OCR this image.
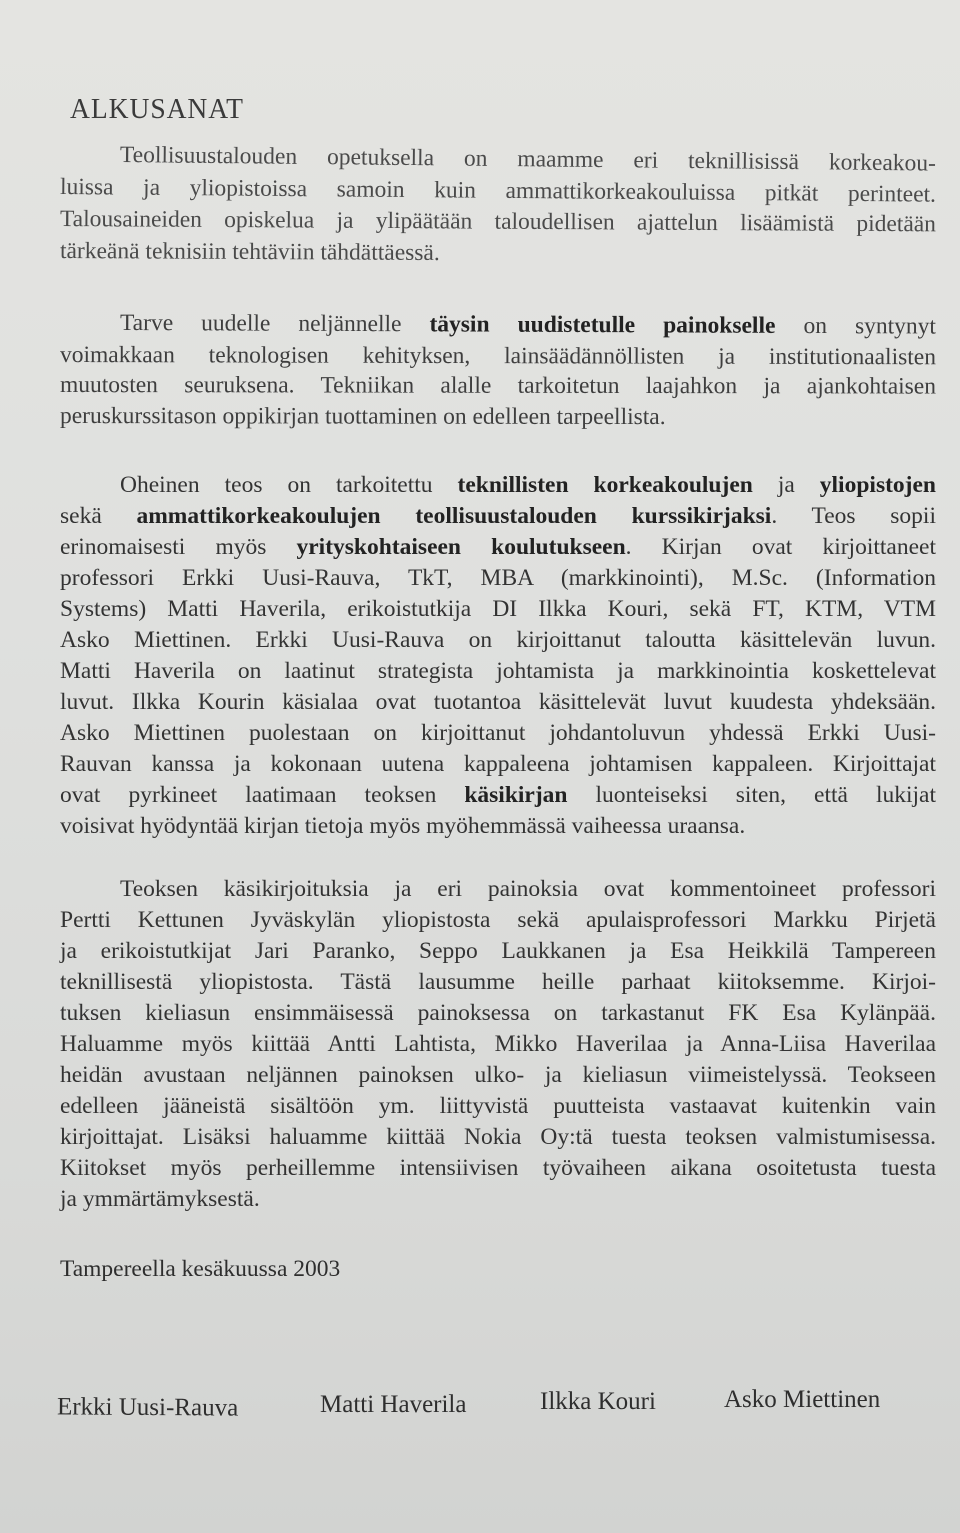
ALKUSANAT
Teollisuustalouden opetuksella on maamme eri teknillisissä korkeakou-
luissa ja yliopistoissa samoin kuin ammattikorkeakouluissa pitkät perinteet.
Talousaineiden opiskelua ja ylipäätään taloudellisen ajattelun lisäämistä pidetään
tärkeänä teknisiin tehtäviin tähdättäessä.
Tarve uudelle neljännelle täysin uudistetulle painokselle on syntynyt
voimakkaan teknologisen kehityksen, lainsäädännöllisten ja institutionaalisten
muutosten seuruksena. Tekniikan alalle tarkoitetun laajahkon ja ajankohtaisen
peruskurssitason oppikirjan tuottaminen on edelleen tarpeellista.
Oheinen teos on tarkoitettu teknillisten korkeakoulujen ja yliopistojen
sekä ammattikorkeakoulujen teollisuustalouden kurssikirjaksi. Teos sopii
erinomaisesti myös yrityskohtaiseen koulutukseen. Kirjan ovat kirjoittaneet
professori Erkki Uusi-Rauva, TkT, MBA (markkinointi), M.Sc. (Information
Systems) Matti Haverila, erikoistutkija DI Ilkka Kouri, sekä FT, KTM, VTM
Asko Miettinen. Erkki Uusi-Rauva on kirjoittanut taloutta käsittelevän luvun.
Matti Haverila on laatinut strategista johtamista ja markkinointia koskettelevat
luvut. Ilkka Kourin käsialaa ovat tuotantoa käsittelevät luvut kuudesta yhdeksään.
Asko Miettinen puolestaan on kirjoittanut johdantoluvun yhdessä Erkki Uusi-
Rauvan kanssa ja kokonaan uutena kappaleena johtamisen kappaleen. Kirjoittajat
ovat pyrkineet laatimaan teoksen käsikirjan luonteiseksi siten, että lukijat
voisivat hyödyntää kirjan tietoja myös myöhemmässä vaiheessa uraansa.
Teoksen käsikirjoituksia ja eri painoksia ovat kommentoineet professori
Pertti Kettunen Jyväskylän yliopistosta sekä apulaisprofessori Markku Pirjetä
ja erikoistutkijat Jari Paranko, Seppo Laukkanen ja Esa Heikkilä Tampereen
teknillisestä yliopistosta. Tästä lausumme heille parhaat kiitoksemme. Kirjoi-
tuksen kieliasun ensimmäisessä painoksessa on tarkastanut FK Esa Kylänpää.
Haluamme myös kiittää Antti Lahtista, Mikko Haverilaa ja Anna-Liisa Haverilaa
heidän avustaan neljännen painoksen ulko- ja kieliasun viimeistelyssä. Teokseen
edelleen jääneistä sisältöön ym. liittyvistä puutteista vastaavat kuitenkin vain
kirjoittajat. Lisäksi haluamme kiittää Nokia Oy:tä tuesta teoksen valmistumisessa.
Kiitokset myös perheillemme intensiivisen työvaiheen aikana osoitetusta tuesta
ja ymmärtämyksestä.
Tampereella kesäkuussa 2003
Erkki Uusi-Rauva	Matti Haverila	Ilkka Kouri	Asko Miettinen
